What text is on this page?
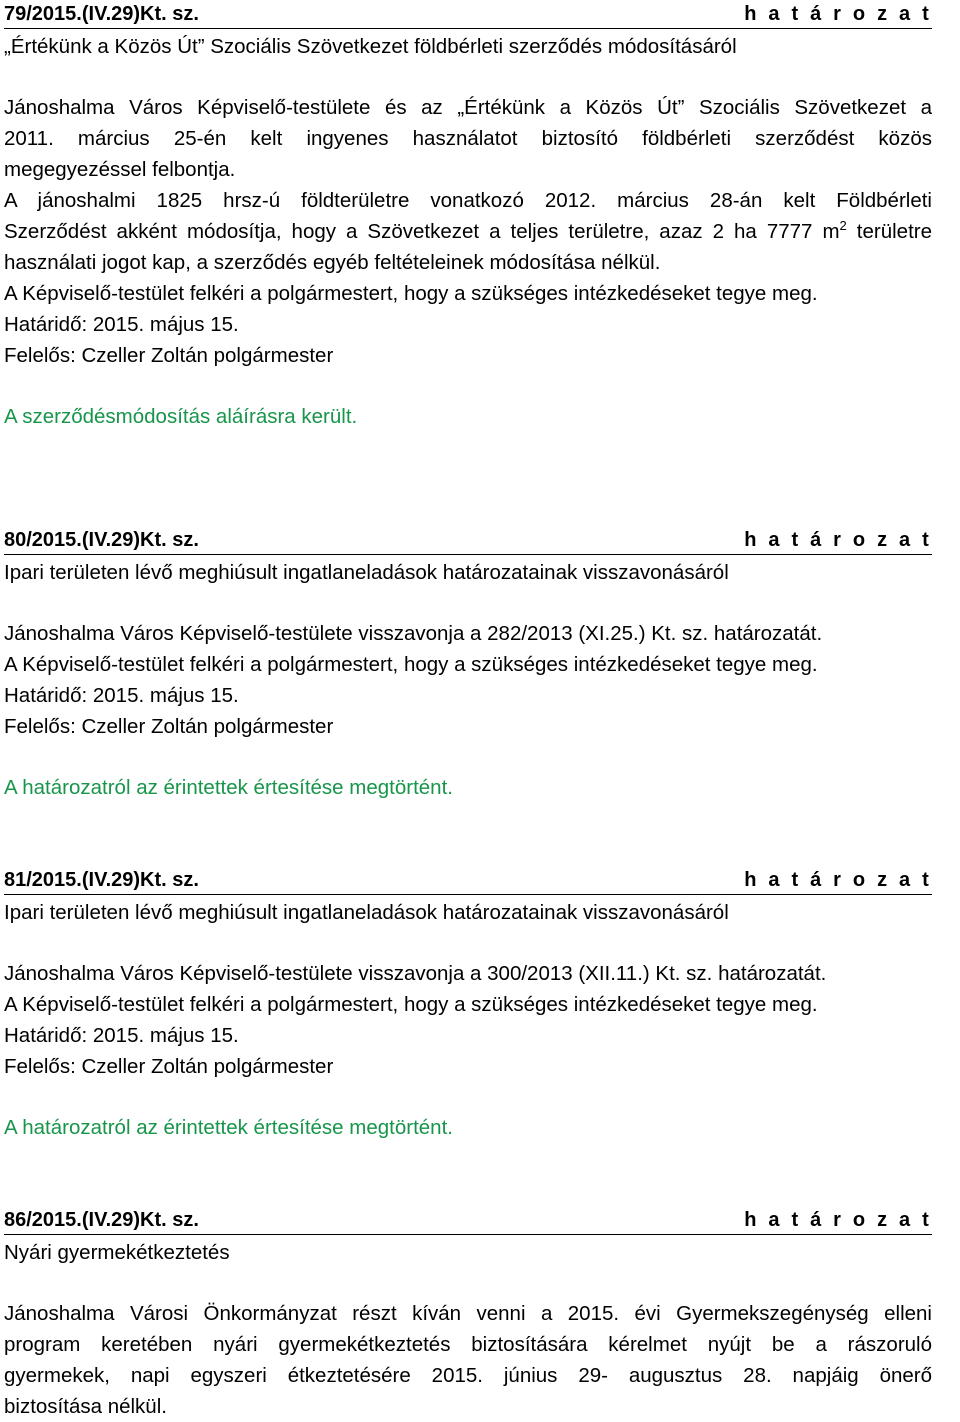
79/2015.(IV.29)Kt. sz.	h a t á r o z a t
„Értékünk a Közös Út” Szociális Szövetkezet földbérleti szerződés módosításáról
Jánoshalma Város Képviselő-testülete és az „Értékünk a Közös Út” Szociális Szövetkezet a
2011. március 25-én kelt ingyenes használatot biztosító földbérleti szerződést közös
megegyezéssel felbontja.
A jánoshalmi 1825 hrsz-ú földterületre vonatkozó 2012. március 28-án kelt Földbérleti
Szerződést akként módosítja, hogy a Szövetkezet a teljes területre, azaz 2 ha 7777 $m^2$ területre
használati jogot kap, a szerződés egyéb feltételeinek módosítása nélkül.
A Képviselő-testület felkéri a polgármestert, hogy a szükséges intézkedéseket tegye meg.
Határidő: 2015. május 15.
Felelős: Czeller Zoltán polgármester
A szerződésmódosítás aláírásra került.
80/2015.(IV.29)Kt. sz.	h a t á r o z a t
Ipari területen lévő meghiúsult ingatlaneladások határozatainak visszavonásáról
Jánoshalma Város Képviselő-testülete visszavonja a 282/2013 (XI.25.) Kt. sz. határozatát.
A Képviselő-testület felkéri a polgármestert, hogy a szükséges intézkedéseket tegye meg.
Határidő: 2015. május 15.
Felelős: Czeller Zoltán polgármester
A határozatról az érintettek értesítése megtörtént.
81/2015.(IV.29)Kt. sz.	h a t á r o z a t
Ipari területen lévő meghiúsult ingatlaneladások határozatainak visszavonásáról
Jánoshalma Város Képviselő-testülete visszavonja a 300/2013 (XII.11.) Kt. sz. határozatát.
A Képviselő-testület felkéri a polgármestert, hogy a szükséges intézkedéseket tegye meg.
Határidő: 2015. május 15.
Felelős: Czeller Zoltán polgármester
A határozatról az érintettek értesítése megtörtént.
86/2015.(IV.29)Kt. sz.	h a t á r o z a t
Nyári gyermekétkeztetés
Jánoshalma Városi Önkormányzat részt kíván venni a 2015. évi Gyermekszegénység elleni
program keretében nyári gyermekétkeztetés biztosítására kérelmet nyújt be a rászoruló
gyermekek, napi egyszeri étkeztetésére 2015. június 29- augusztus 28. napjáig önerő
biztosítása nélkül.
